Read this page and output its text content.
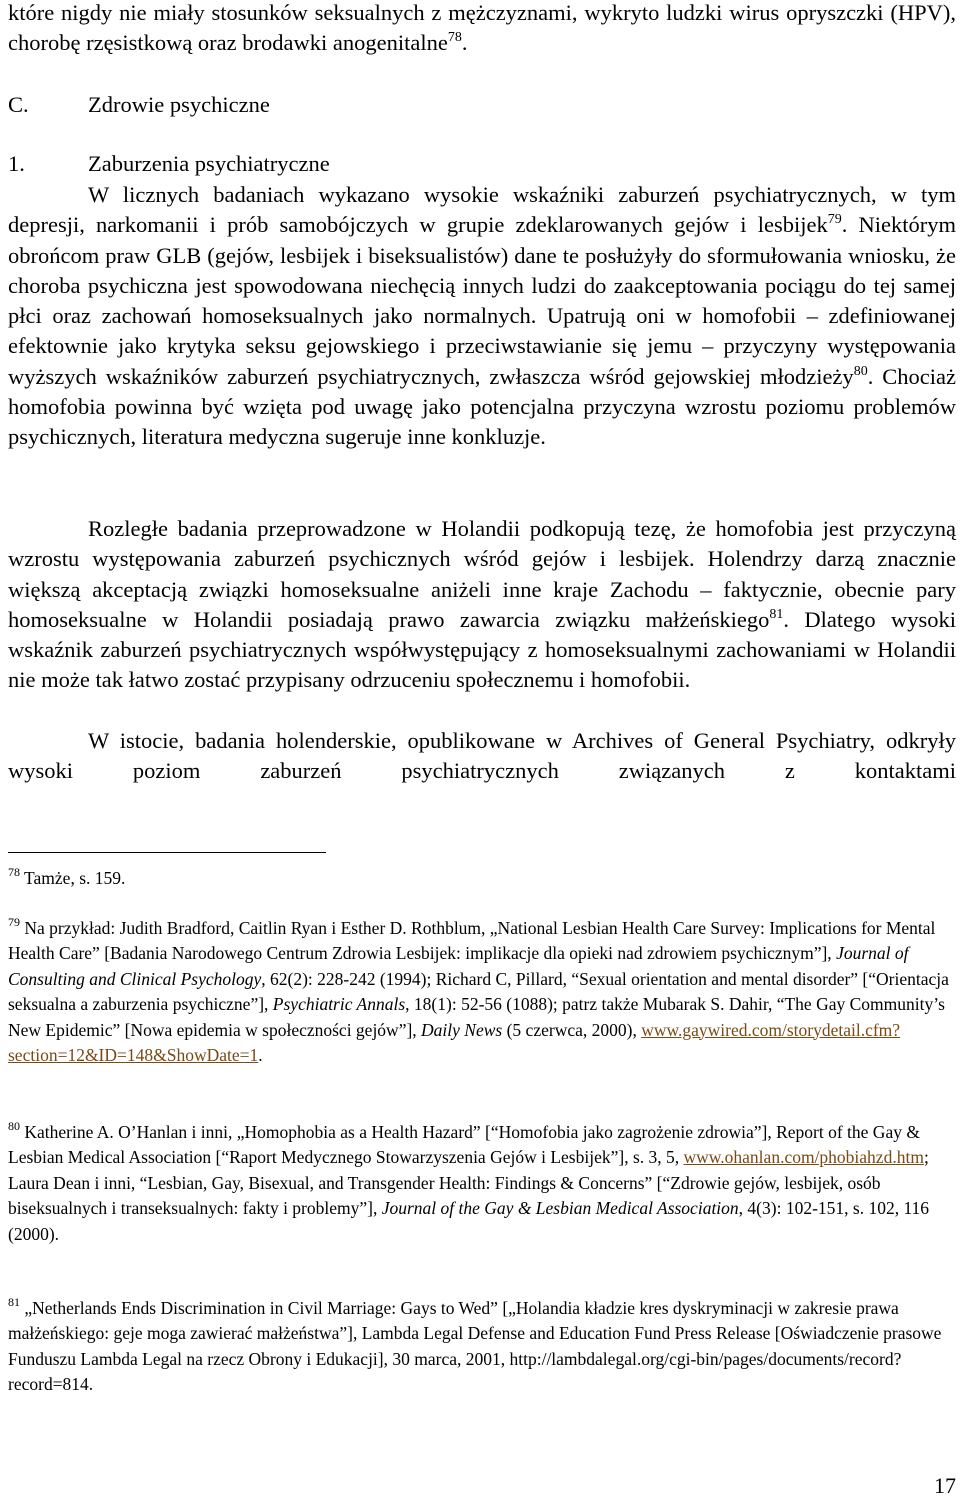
które nigdy nie miały stosunków seksualnych z mężczyznami, wykryto ludzki wirus opryszczki (HPV), chorobę rzęsistkową oraz brodawki anogenitalne$^{78}$.

C.	Zdrowie psychiczne
1.	Zaburzenia psychiatryczne

W licznych badaniach wykazano wysokie wskaźniki zaburzeń psychiatrycznych, w tym depresji, narkomanii i prób samobójczych w grupie zdeklarowanych gejów i lesbijek$^{79}$. Niektórym obrońcom praw GLB (gejów, lesbijek i biseksualistów) dane te posłużyły do sformułowania wniosku, że choroba psychiczna jest spowodowana niechęcią innych ludzi do zaakceptowania pociągu do tej samej płci oraz zachowań homoseksualnych jako normalnych. Upatrują oni w homofobii – zdefiniowanej efektownie jako krytyka seksu gejowskiego i przeciwstawianie się jemu – przyczyny występowania wyższych wskaźników zaburzeń psychiatrycznych, zwłaszcza wśród gejowskiej młodzieży$^{80}$. Chociaż homofobia powinna być wzięta pod uwagę jako potencjalna przyczyna wzrostu poziomu problemów psychicznych, literatura medyczna sugeruje inne konkluzje.

Rozległe badania przeprowadzone w Holandii podkopują tezę, że homofobia jest przyczyną wzrostu występowania zaburzeń psychicznych wśród gejów i lesbijek. Holendrzy darzą znacznie większą akceptacją związki homoseksualne aniżeli inne kraje Zachodu – faktycznie, obecnie pary homoseksualne w Holandii posiadają prawo zawarcia związku małżeńskiego$^{81}$. Dlatego wysoki wskaźnik zaburzeń psychiatrycznych współwystępujący z homoseksualnymi zachowaniami w Holandii nie może tak łatwo zostać przypisany odrzuceniu społecznemu i homofobii.

W istocie, badania holenderskie, opublikowane w Archives of General Psychiatry, odkryły wysoki poziom zaburzeń psychiatrycznych związanych z kontaktami

$^{78}$ Tamże, s. 159.
$^{79}$ Na przykład: Judith Bradford, Caitlin Ryan i Esther D. Rothblum, „National Lesbian Health Care Survey: Implications for Mental Health Care” [Badania Narodowego Centrum Zdrowia Lesbijek: implikacje dla opieki nad zdrowiem psychicznym”], Journal of Consulting and Clinical Psychology, 62(2): 228-242 (1994); Richard C, Pillard, “Sexual orientation and mental disorder” [“Orientacja seksualna a zaburzenia psychiczne”], Psychiatric Annals, 18(1): 52-56 (1088); patrz także Mubarak S. Dahir, “The Gay Community’s New Epidemic” [Nowa epidemia w społeczności gejów”], Daily News (5 czerwca, 2000), www.gaywired.com/storydetail.cfm?section=12&ID=148&ShowDate=1.
$^{80}$ Katherine A. O’Hanlan i inni, „Homophobia as a Health Hazard” [“Homofobia jako zagrożenie zdrowia”], Report of the Gay & Lesbian Medical Association [“Raport Medycznego Stowarzyszenia Gejów i Lesbijek”], s. 3, 5, www.ohanlan.com/phobiahzd.htm; Laura Dean i inni, “Lesbian, Gay, Bisexual, and Transgender Health: Findings & Concerns” [“Zdrowie gejów, lesbijek, osób biseksualnych i transeksualnych: fakty i problemy”], Journal of the Gay & Lesbian Medical Association, 4(3): 102-151, s. 102, 116 (2000).
$^{81}$ „Netherlands Ends Discrimination in Civil Marriage: Gays to Wed” [„Holandia kładzie kres dyskryminacji w zakresie prawa małżeńskiego: geje moga zawierać małżeństwa”], Lambda Legal Defense and Education Fund Press Release [Oświadczenie prasowe Funduszu Lambda Legal na rzecz Obrony i Edukacji], 30 marca, 2001, http://lambdalegal.org/cgi-bin/pages/documents/record?record=814.
17
